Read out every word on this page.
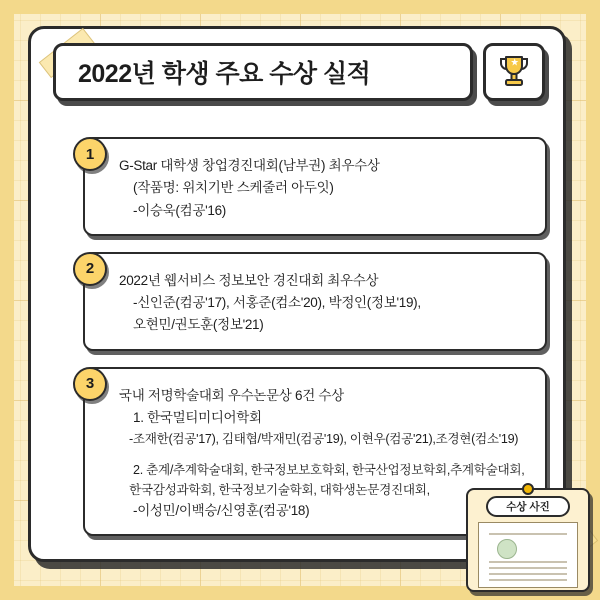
2022년 학생 주요 수상 실적
1
G-Star 대학생 창업경진대회(남부권) 최우수상
(작품명: 위치기반 스케줄러 아두잇)
-이승욱(컴공'16)
2
2022년 웹서비스 정보보안 경진대회 최우수상
-신인준(컴공'17), 서홍준(컴소'20), 박정인(정보'19),
오현민/권도훈(정보'21)
3
국내 저명학술대회 우수논문상 6건 수상
1. 한국멀티미디어학회
-조재한(컴공'17), 김태협/박재민(컴공'19), 이현우(컴공'21),조경현(컴소'19)
2. 춘계/추계학술대회, 한국정보보호학회, 한국산업정보학회,추계학술대회,
한국감성과학회, 한국정보기술학회, 대학생논문경진대회,
-이성민/이백승/신영훈(컴공'18)	수상 사진
